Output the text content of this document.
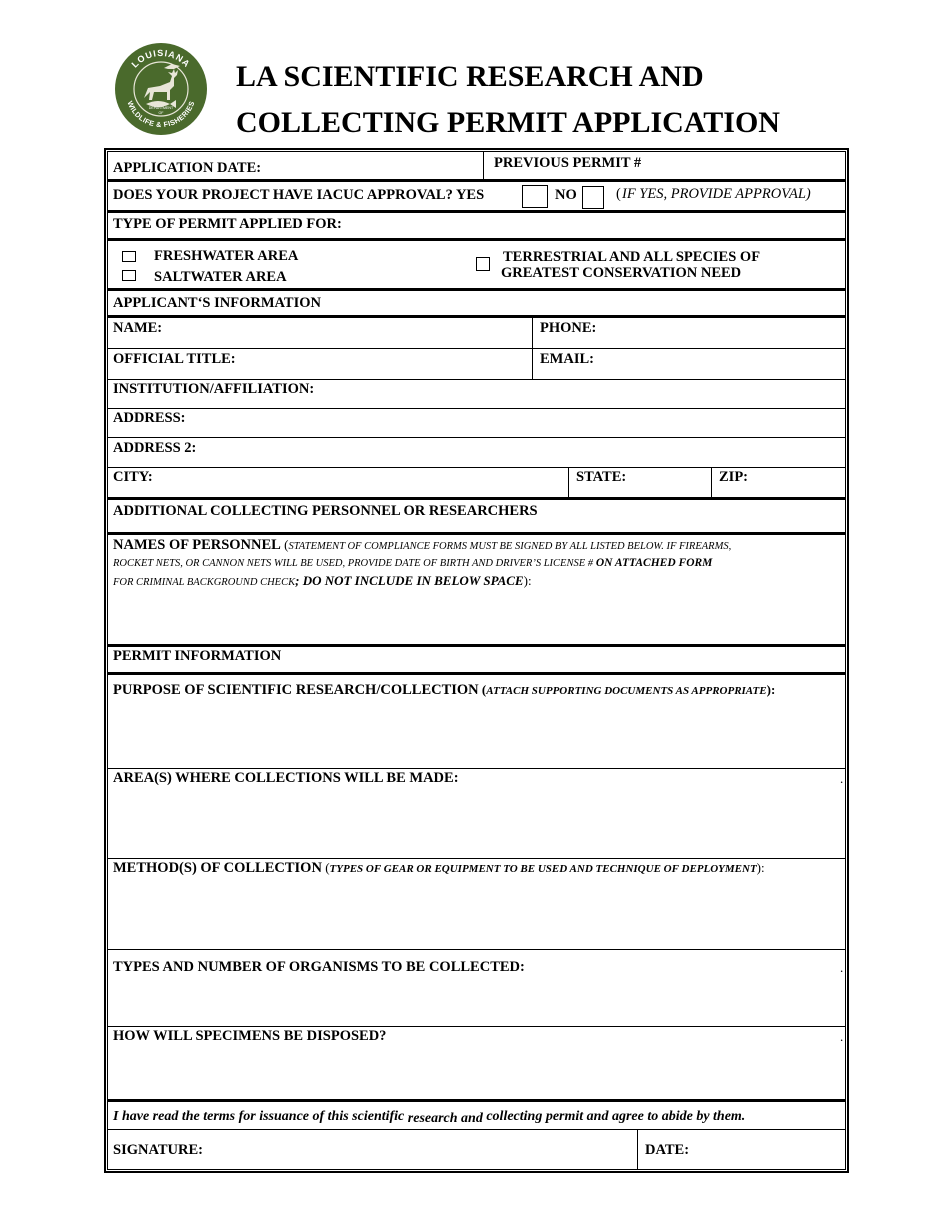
LOUISIANA
WILDLIFE & FISHERIES
DEPARTMENT
OF
LA SCIENTIFIC RESEARCH AND
COLLECTING PERMIT APPLICATION
APPLICATION DATE:	PREVIOUS PERMIT #
DOES YOUR PROJECT HAVE IACUC APPROVAL? YES	NO	( IF YES, PROVIDE APPROVAL)
TYPE OF PERMIT APPLIED FOR:
FRESHWATER AREA
SALTWATER AREA
TERRESTRIAL AND ALL SPECIES OF
GREATEST CONSERVATION NEED
APPLICANT‘S INFORMATION
NAME:	PHONE:
OFFICIAL TITLE:	EMAIL:
INSTITUTION/AFFILIATION:
ADDRESS:
ADDRESS 2:
CITY:	STATE:	ZIP:
ADDITIONAL COLLECTING PERSONNEL OR RESEARCHERS
NAMES OF PERSONNEL (STATEMENT OF COMPLIANCE FORMS MUST BE SIGNED BY ALL LISTED BELOW. IF FIREARMS,
ROCKET NETS, OR CANNON NETS WILL BE USED, PROVIDE DATE OF BIRTH AND DRIVER’S LICENSE # ON ATTACHED FORM
FOR CRIMINAL BACKGROUND CHECK; DO NOT INCLUDE IN BELOW SPACE):
PERMIT INFORMATION
PURPOSE OF SCIENTIFIC RESEARCH/COLLECTION (ATTACH SUPPORTING DOCUMENTS AS APPROPRIATE):
AREA(S) WHERE COLLECTIONS WILL BE MADE:	.
METHOD(S) OF COLLECTION (TYPES OF GEAR OR EQUIPMENT TO BE USED AND TECHNIQUE OF DEPLOYMENT):
TYPES AND NUMBER OF ORGANISMS TO BE COLLECTED:	.
HOW WILL SPECIMENS BE DISPOSED?	.
I have read the terms for issuance of this scientific research and collecting permit and agree to abide by them.
SIGNATURE:	DATE:
